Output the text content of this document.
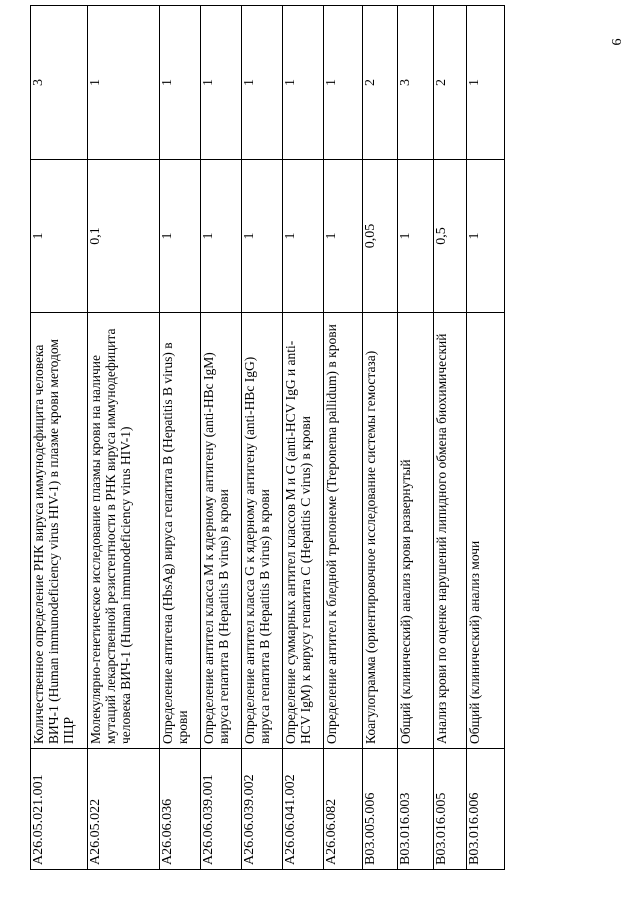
6
A26.05.021.001	Количественное определение РНК вируса иммунодефицита человека ВИЧ-1 (Human immunodeficiency virus HIV-1) в плазме крови методом ПЦР	1	3
A26.05.022	Молекулярно-генетическое исследование плазмы крови на наличие мутаций лекарственной резистентности в РНК вируса иммунодефицита человека ВИЧ-1 (Human immunodeficiency virus HIV-1)	0,1	1
A26.06.036	Определение антигена (HbsAg) вируса гепатита B (Hepatitis B virus) в крови	1	1
A26.06.039.001	Определение антител класса M к ядерному антигену (anti-HBc IgM) вируса гепатита B (Hepatitis B virus) в крови	1	1
A26.06.039.002	Определение антител класса G к ядерному антигену (anti-HBc IgG) вируса гепатита B (Hepatitis B virus) в крови	1	1
A26.06.041.002	Определение суммарных антител классов M и G (anti-HCV IgG и anti-HCV IgM) к вирусу гепатита C (Hepatitis C virus) в крови	1	1
A26.06.082	Определение антител к бледной трепонеме (Treponema pallidum) в крови	1	1
B03.005.006	Коагулограмма (ориентировочное исследование системы гемостаза)	0,05	2
B03.016.003	Общий (клинический) анализ крови развернутый	1	3
B03.016.005	Анализ крови по оценке нарушений липидного обмена биохимический	0,5	2
B03.016.006	Общий (клинический) анализ мочи	1	1
